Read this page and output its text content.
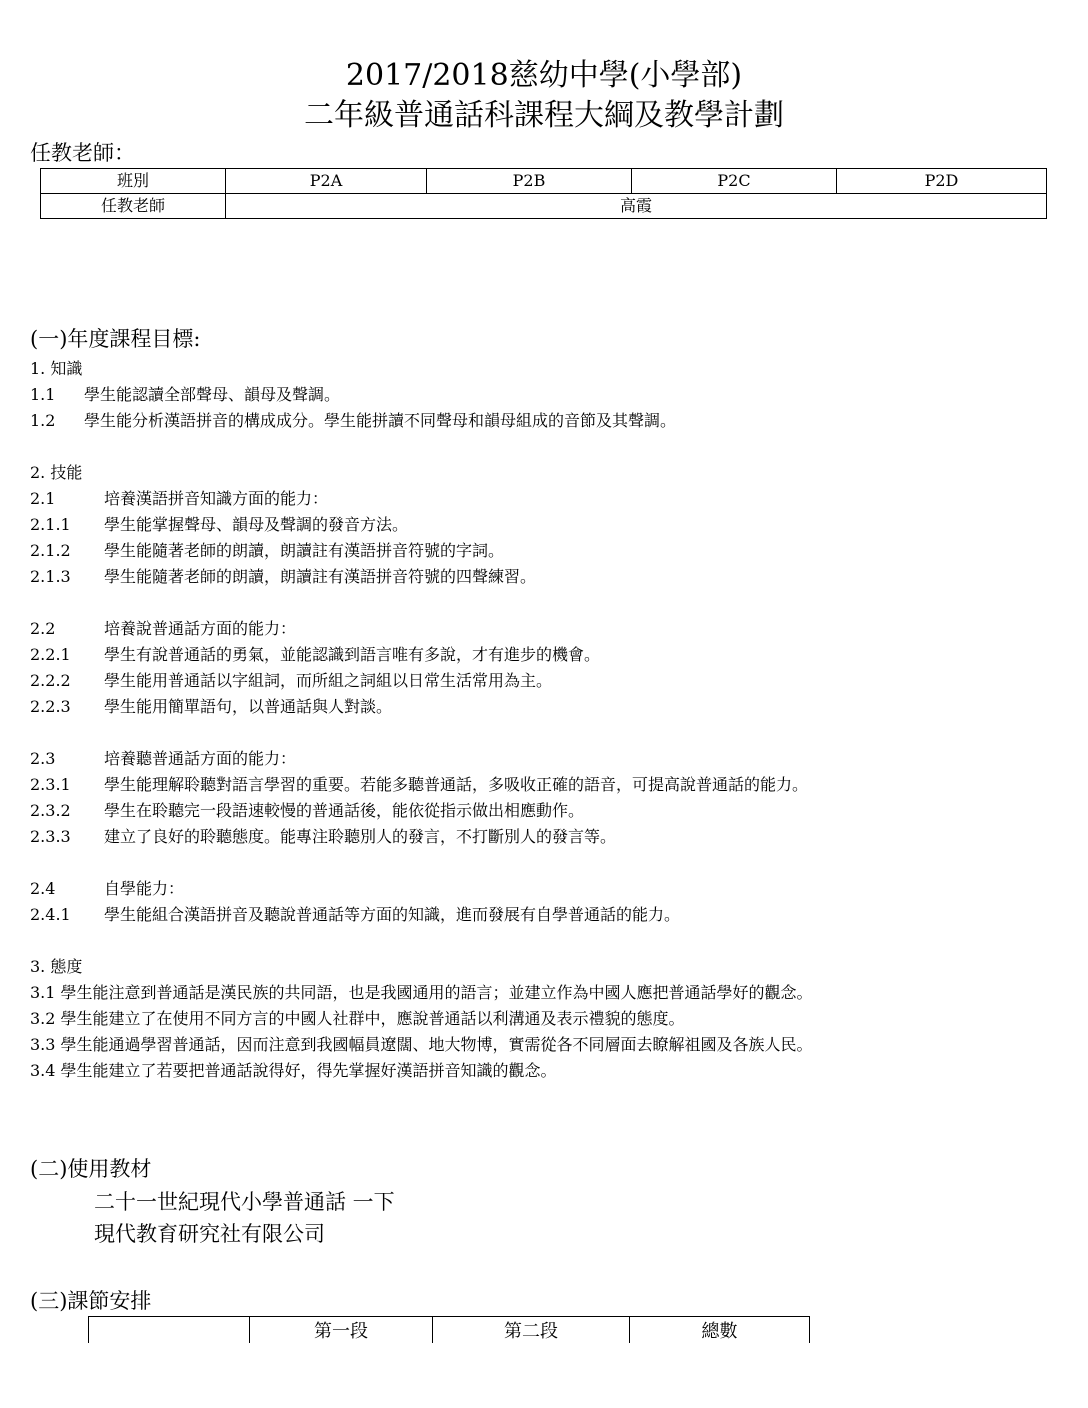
2017/2018慈幼中學(小學部)
二年級普通話科課程大綱及教學計劃
任教老師：
班別	P2A	P2B	P2C	P2D
任教老師	高霞			
(一)年度課程目標:
1. 知識
1.1	學生能認讀全部聲母、韻母及聲調。
1.2	學生能分析漢語拼音的構成成分。學生能拼讀不同聲母和韻母組成的音節及其聲調。
2. 技能
2.1	培養漢語拼音知識方面的能力：
2.1.1	學生能掌握聲母、韻母及聲調的發音方法。
2.1.2	學生能隨著老師的朗讀，朗讀註有漢語拼音符號的字詞。
2.1.3	學生能隨著老師的朗讀，朗讀註有漢語拼音符號的四聲練習。
2.2	培養說普通話方面的能力：
2.2.1	學生有說普通話的勇氣，並能認識到語言唯有多說，才有進步的機會。
2.2.2	學生能用普通話以字組詞，而所組之詞組以日常生活常用為主。
2.2.3	學生能用簡單語句，以普通話與人對談。
2.3	培養聽普通話方面的能力：
2.3.1	學生能理解聆聽對語言學習的重要。若能多聽普通話，多吸收正確的語音，可提高說普通話的能力。
2.3.2	學生在聆聽完一段語速較慢的普通話後，能依從指示做出相應動作。
2.3.3	建立了良好的聆聽態度。能專注聆聽別人的發言，不打斷別人的發言等。
2.4	自學能力：
2.4.1	學生能組合漢語拼音及聽說普通話等方面的知識，進而發展有自學普通話的能力。
3. 態度
3.1 學生能注意到普通話是漢民族的共同語，也是我國通用的語言；並建立作為中國人應把普通話學好的觀念。
3.2 學生能建立了在使用不同方言的中國人社群中，應說普通話以利溝通及表示禮貌的態度。
3.3 學生能通過學習普通話，因而注意到我國幅員遼闊、地大物博，實需從各不同層面去瞭解祖國及各族人民。
3.4 學生能建立了若要把普通話說得好，得先掌握好漢語拼音知識的觀念。
(二)使用教材
二十一世紀現代小學普通話 一下
現代教育研究社有限公司
(三)課節安排
	第一段	第二段	總數
